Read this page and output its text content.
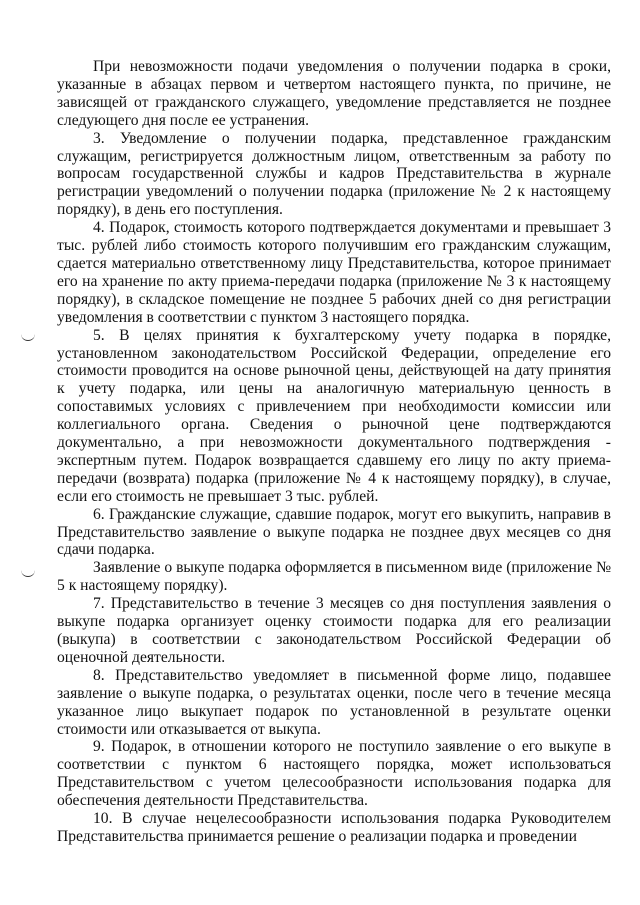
При невозможности подачи уведомления о получении подарка в сроки, указанные в абзацах первом и четвертом настоящего пункта, по причине, не зависящей от гражданского служащего, уведомление представляется не позднее следующего дня после ее устранения.

3. Уведомление о получении подарка, представленное гражданским служащим, регистрируется должностным лицом, ответственным за работу по вопросам государственной службы и кадров Представительства в журнале регистрации уведомлений о получении подарка (приложение № 2 к настоящему порядку), в день его поступления.

4. Подарок, стоимость которого подтверждается документами и превышает 3 тыс. рублей либо стоимость которого получившим его гражданским служащим, сдается материально ответственному лицу Представительства, которое принимает его на хранение по акту приема-передачи подарка (приложение № 3 к настоящему порядку), в складское помещение не позднее 5 рабочих дней со дня регистрации уведомления в соответствии с пунктом 3 настоящего порядка.

5. В целях принятия к бухгалтерскому учету подарка в порядке, установленном законодательством Российской Федерации, определение его стоимости проводится на основе рыночной цены, действующей на дату принятия к учету подарка, или цены на аналогичную материальную ценность в сопоставимых условиях с привлечением при необходимости комиссии или коллегиального органа. Сведения о рыночной цене подтверждаются документально, а при невозможности документального подтверждения - экспертным путем. Подарок возвращается сдавшему его лицу по акту приема-передачи (возврата) подарка (приложение № 4 к настоящему порядку), в случае, если его стоимость не превышает 3 тыс. рублей.

6. Гражданские служащие, сдавшие подарок, могут его выкупить, направив в Представительство заявление о выкупе подарка не позднее двух месяцев со дня сдачи подарка.

Заявление о выкупе подарка оформляется в письменном виде (приложение № 5 к настоящему порядку).

7. Представительство в течение 3 месяцев со дня поступления заявления о выкупе подарка организует оценку стоимости подарка для его реализации (выкупа) в соответствии с законодательством Российской Федерации об оценочной деятельности.

8. Представительство уведомляет в письменной форме лицо, подавшее заявление о выкупе подарка, о результатах оценки, после чего в течение месяца указанное лицо выкупает подарок по установленной в результате оценки стоимости или отказывается от выкупа.

9. Подарок, в отношении которого не поступило заявление о его выкупе в соответствии с пунктом 6 настоящего порядка, может использоваться Представительством с учетом целесообразности использования подарка для обеспечения деятельности Представительства.

10. В случае нецелесообразности использования подарка Руководителем Представительства принимается решение о реализации подарка и проведении
